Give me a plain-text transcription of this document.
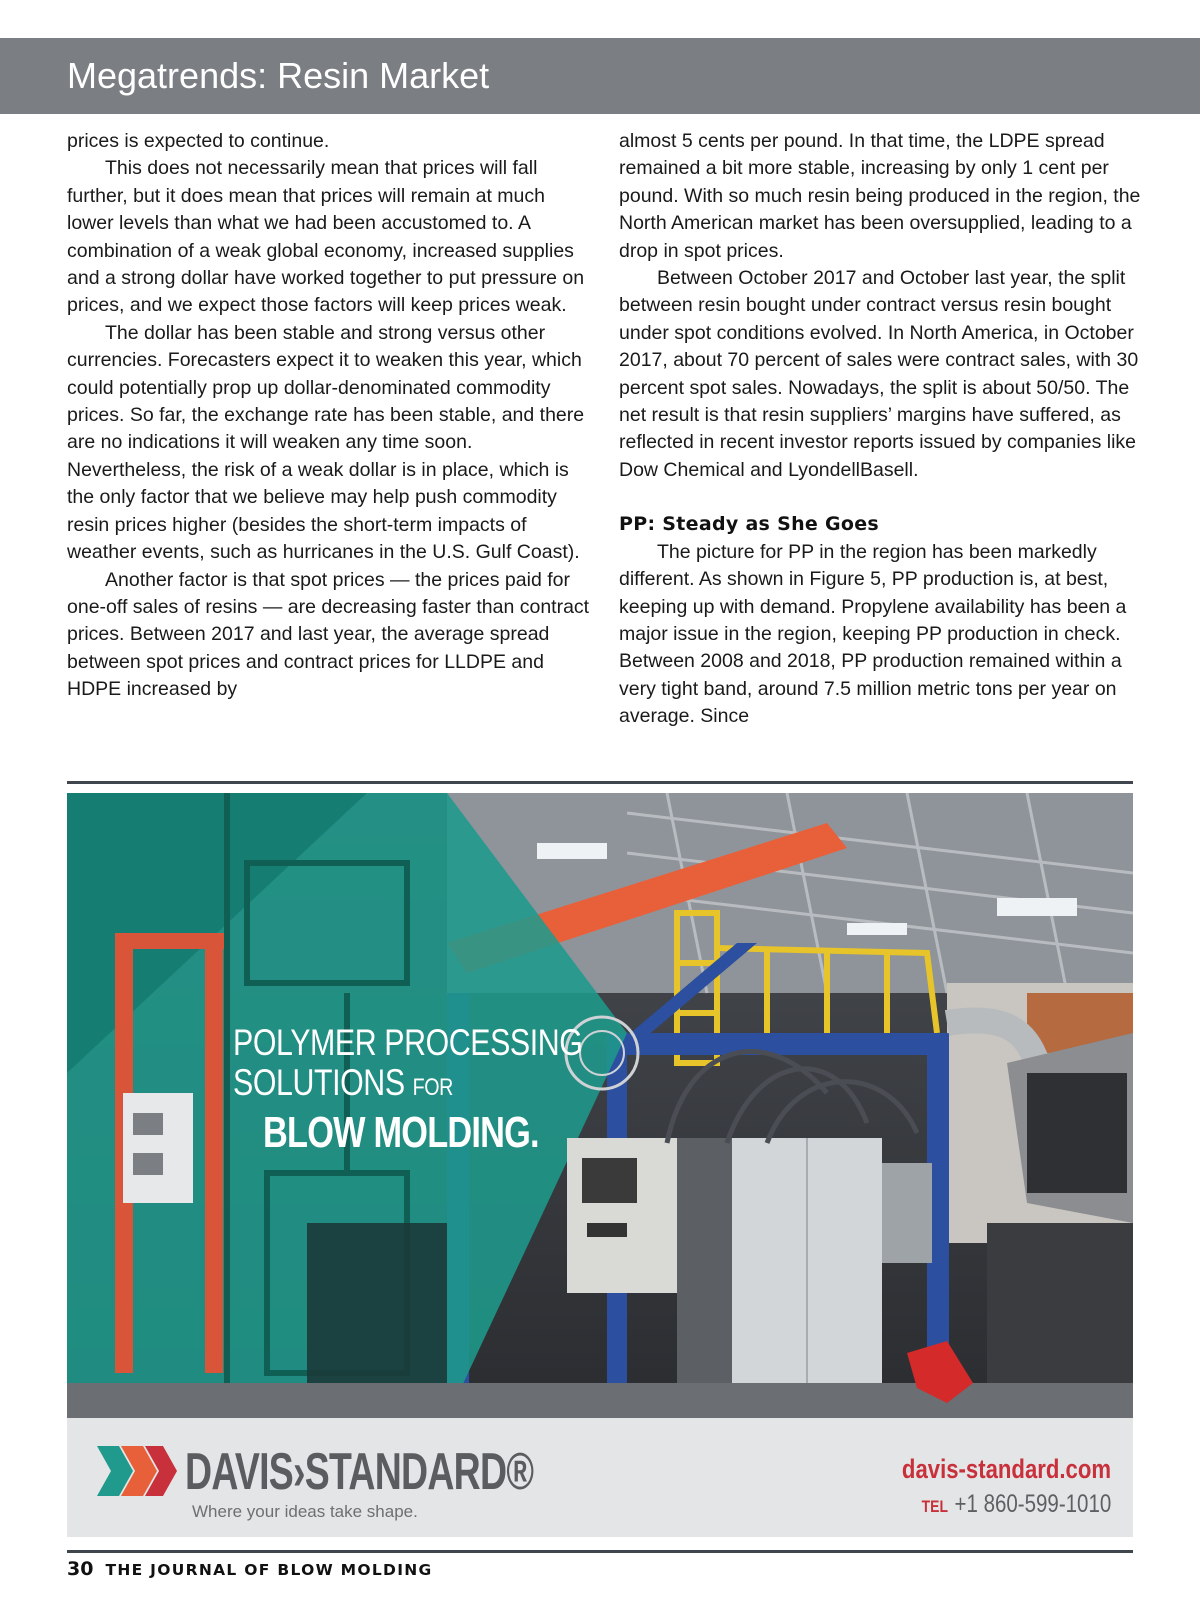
Megatrends: Resin Market

prices is expected to continue.

This does not necessarily mean that prices will fall further, but it does mean that prices will remain at much lower levels than what we had been accustomed to. A combination of a weak global economy, increased supplies and a strong dollar have worked together to put pressure on prices, and we expect those factors will keep prices weak.

The dollar has been stable and strong versus other currencies. Forecasters expect it to weaken this year, which could potentially prop up dollar-denominated commodity prices. So far, the exchange rate has been stable, and there are no indications it will weaken any time soon. Nevertheless, the risk of a weak dollar is in place, which is the only factor that we believe may help push commodity resin prices higher (besides the short-term impacts of weather events, such as hurricanes in the U.S. Gulf Coast).

Another factor is that spot prices — the prices paid for one-off sales of resins — are decreasing faster than contract prices. Between 2017 and last year, the average spread between spot prices and contract prices for LLDPE and HDPE increased by

almost 5 cents per pound. In that time, the LDPE spread remained a bit more stable, increasing by only 1 cent per pound. With so much resin being produced in the region, the North American market has been oversupplied, leading to a drop in spot prices.

Between October 2017 and October last year, the split between resin bought under contract versus resin bought under spot conditions evolved. In North America, in October 2017, about 70 percent of sales were contract sales, with 30 percent spot sales. Nowadays, the split is about 50/50. The net result is that resin suppliers’ margins have suffered, as reflected in recent investor reports issued by companies like Dow Chemical and LyondellBasell.

PP: Steady as She Goes

The picture for PP in the region has been markedly different. As shown in Figure 5, PP production is, at best, keeping up with demand. Propylene availability has been a major issue in the region, keeping PP production in check. Between 2008 and 2018, PP production remained within a very tight band, around 7.5 million metric tons per year on average. Since

POLYMER PROCESSING
SOLUTIONS FOR
BLOW MOLDING.
DAVIS›STANDARD®
Where your ideas take shape.
davis-standard.com
TEL +1 860-599-1010
30 THE JOURNAL OF BLOW MOLDING
